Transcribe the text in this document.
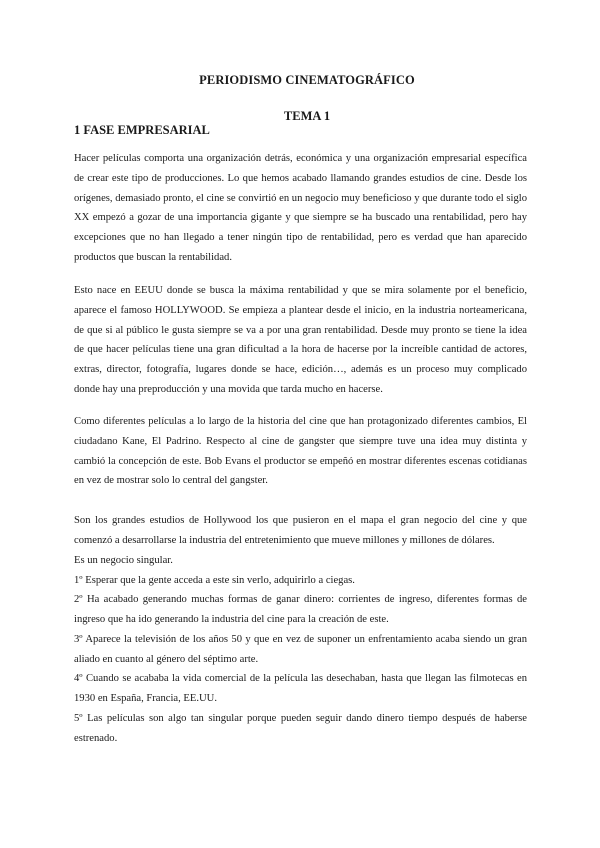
PERIODISMO CINEMATOGRÁFICO
TEMA 1
1 FASE EMPRESARIAL

Hacer películas comporta una organización detrás, económica y una organización empresarial específica de crear este tipo de producciones. Lo que hemos acabado llamando grandes estudios de cine. Desde los orígenes, demasiado pronto, el cine se convirtió en un negocio muy beneficioso y que durante todo el siglo XX empezó a gozar de una importancia gigante y que siempre se ha buscado una rentabilidad, pero hay excepciones que no han llegado a tener ningún tipo de rentabilidad, pero es verdad que han aparecido productos que buscan la rentabilidad.

Esto nace en EEUU donde se busca la máxima rentabilidad y que se mira solamente por el beneficio, aparece el famoso HOLLYWOOD. Se empieza a plantear desde el inicio, en la industria norteamericana, de que si al público le gusta siempre se va a por una gran rentabilidad. Desde muy pronto se tiene la idea de que hacer películas tiene una gran dificultad a la hora de hacerse por la increíble cantidad de actores, extras, director, fotografía, lugares donde se hace, edición…, además es un proceso muy complicado donde hay una preproducción y una movida que tarda mucho en hacerse.

Como diferentes películas a lo largo de la historia del cine que han protagonizado diferentes cambios, El ciudadano Kane, El Padrino. Respecto al cine de gangster que siempre tuve una idea muy distinta y cambió la concepción de este. Bob Evans el productor se empeñó en mostrar diferentes escenas cotidianas en vez de mostrar solo lo central del gangster.

Son los grandes estudios de Hollywood los que pusieron en el mapa el gran negocio del cine y que comenzó a desarrollarse la industria del entretenimiento que mueve millones y millones de dólares.

Es un negocio singular.

1º Esperar que la gente acceda a este sin verlo, adquirirlo a ciegas.

2º Ha acabado generando muchas formas de ganar dinero: corrientes de ingreso, diferentes formas de ingreso que ha ido generando la industria del cine para la creación de este.

3º Aparece la televisión de los años 50 y que en vez de suponer un enfrentamiento acaba siendo un gran aliado en cuanto al género del séptimo arte.

4º Cuando se acababa la vida comercial de la película las desechaban, hasta que llegan las filmotecas en 1930 en España, Francia, EE.UU.

5º Las películas son algo tan singular porque pueden seguir dando dinero tiempo después de haberse estrenado.
